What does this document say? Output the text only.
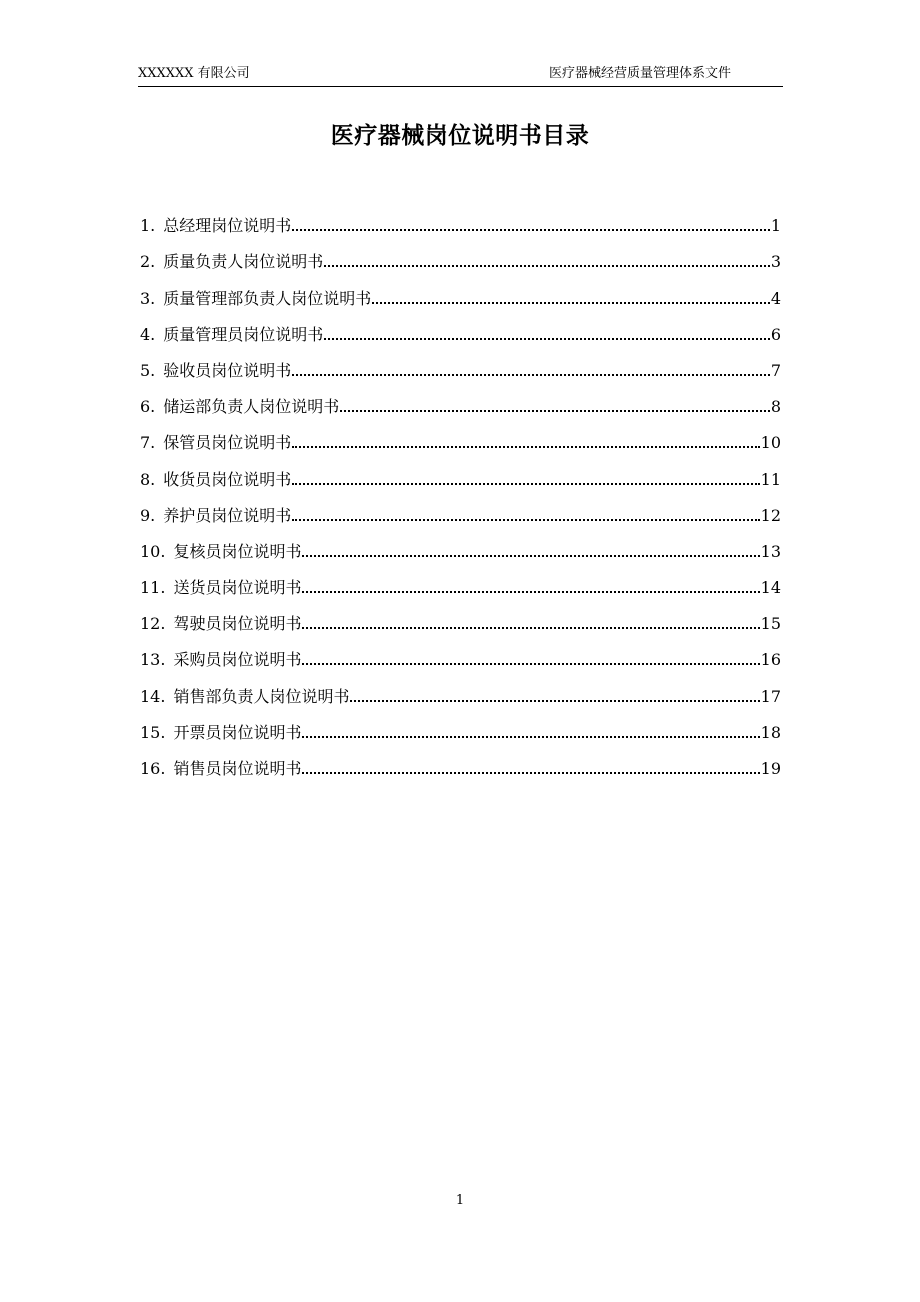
XXXXXX 有限公司	医疗器械经营质量管理体系文件
医疗器械岗位说明书目录
1. 总经理岗位说明书	1
2. 质量负责人岗位说明书	3
3. 质量管理部负责人岗位说明书	4
4. 质量管理员岗位说明书	6
5. 验收员岗位说明书	7
6. 储运部负责人岗位说明书	8
7. 保管员岗位说明书	10
8. 收货员岗位说明书	11
9. 养护员岗位说明书	12
10. 复核员岗位说明书	13
11. 送货员岗位说明书	14
12. 驾驶员岗位说明书	15
13. 采购员岗位说明书	16
14. 销售部负责人岗位说明书	17
15. 开票员岗位说明书	18
16. 销售员岗位说明书	19
1
